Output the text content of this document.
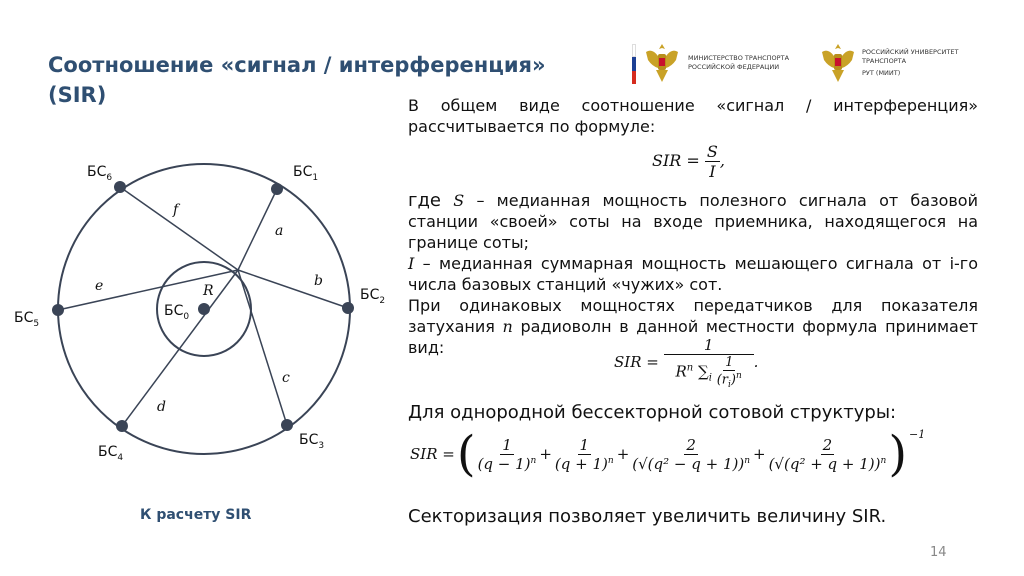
Соотношение «сигнал / интерференция»
(SIR)
МИНИСТЕРСТВО ТРАНСПОРТА
РОССИЙСКОЙ ФЕДЕРАЦИИ
РОССИЙСКИЙ УНИВЕРСИТЕТ
ТРАНСПОРТА
РУТ (МИИТ)
$БС_0$
$БС_1$
$БС_2$
$БС_3$
$БС_4$
$БС_5$
$БС_6$
R
a
b
c
d
e
f
К расчету SIR
В общем виде соотношение «сигнал / интерференция» рассчитывается по формуле:
SIR = $\frac{S}{I}$ ,
где S – медианная мощность полезного сигнала от базовой станции «своей» соты на входе приемника, находящегося на границе соты;
I – медианная суммарная мощность мешающего сигнала от i-го числа базовых станций «чужих» сот.
При одинаковых мощностях передатчиков для показателя затухания n радиоволн в данной местности формула принимает вид:
SIR = $\frac{1}{R^n \sum_i \frac{1}{(r_i)^n}}$ .
Для однородной бессекторной сотовой структуры:
SIR = ( $\frac{1}{(q - 1)^n} + \frac{1}{(q + 1)^n} + \frac{2}{(√(q^2 - q + 1))^n} + \frac{2}{(√(q^2 + q + 1))^n} )^{-1}$
Секторизация позволяет увеличить величину SIR.
14
